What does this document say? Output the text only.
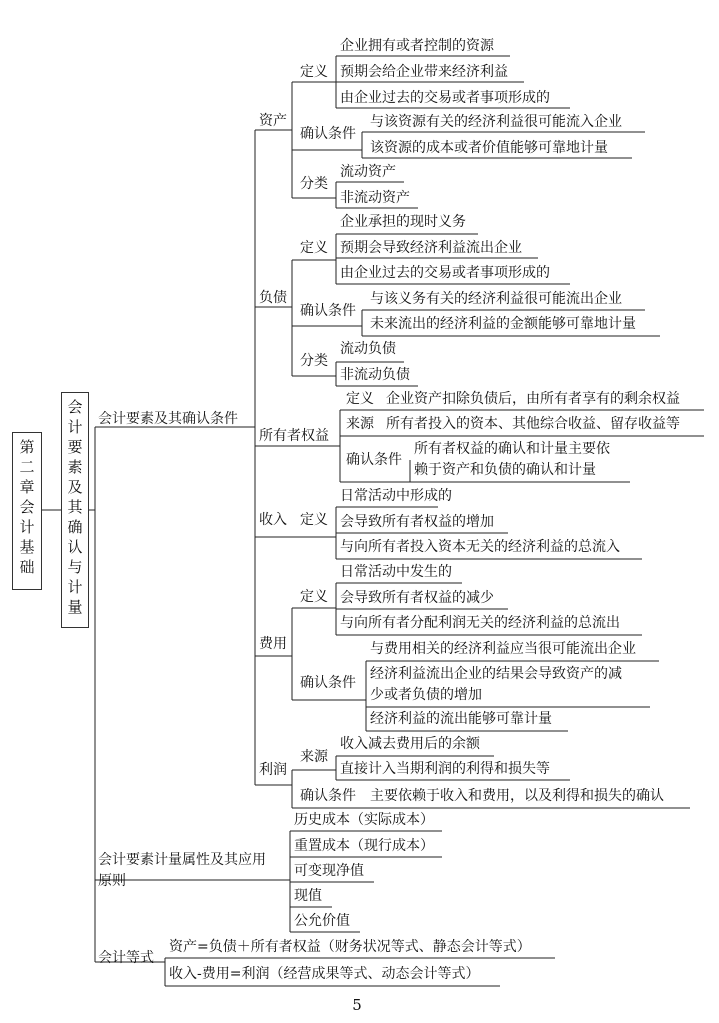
第二章会计基础
会计要素及其确认与计量
会计要素及其确认条件
会计要素计量属性及其应用
原则
会计等式
资产
定义
企业拥有或者控制的资源
预期会给企业带来经济利益
由企业过去的交易或者事项形成的
确认条件
与该资源有关的经济利益很可能流入企业
该资源的成本或者价值能够可靠地计量
分类
流动资产
非流动资产
负债
定义
企业承担的现时义务
预期会导致经济利益流出企业
由企业过去的交易或者事项形成的
确认条件
与该义务有关的经济利益很可能流出企业
未来流出的经济利益的金额能够可靠地计量
分类
流动负债
非流动负债
所有者权益
定义 企业资产扣除负债后，由所有者享有的剩余权益
来源 所有者投入的资本、其他综合收益、留存收益等
确认条件
所有者权益的确认和计量主要依
赖于资产和负债的确认和计量
收入 定义
日常活动中形成的
会导致所有者权益的增加
与向所有者投入资本无关的经济利益的总流入
费用
定义
日常活动中发生的
会导致所有者权益的减少
与向所有者分配利润无关的经济利益的总流出
确认条件
与费用相关的经济利益应当很可能流出企业
经济利益流出企业的结果会导致资产的减
少或者负债的增加
经济利益的流出能够可靠计量
利润
来源
收入减去费用后的余额
直接计入当期利润的利得和损失等
确认条件 主要依赖于收入和费用，以及利得和损失的确认
历史成本（实际成本）
重置成本（现行成本）
可变现净值
现值
公允价值
资产=负债＋所有者权益（财务状况等式、静态会计等式）
收入-费用=利润（经营成果等式、动态会计等式）
5
